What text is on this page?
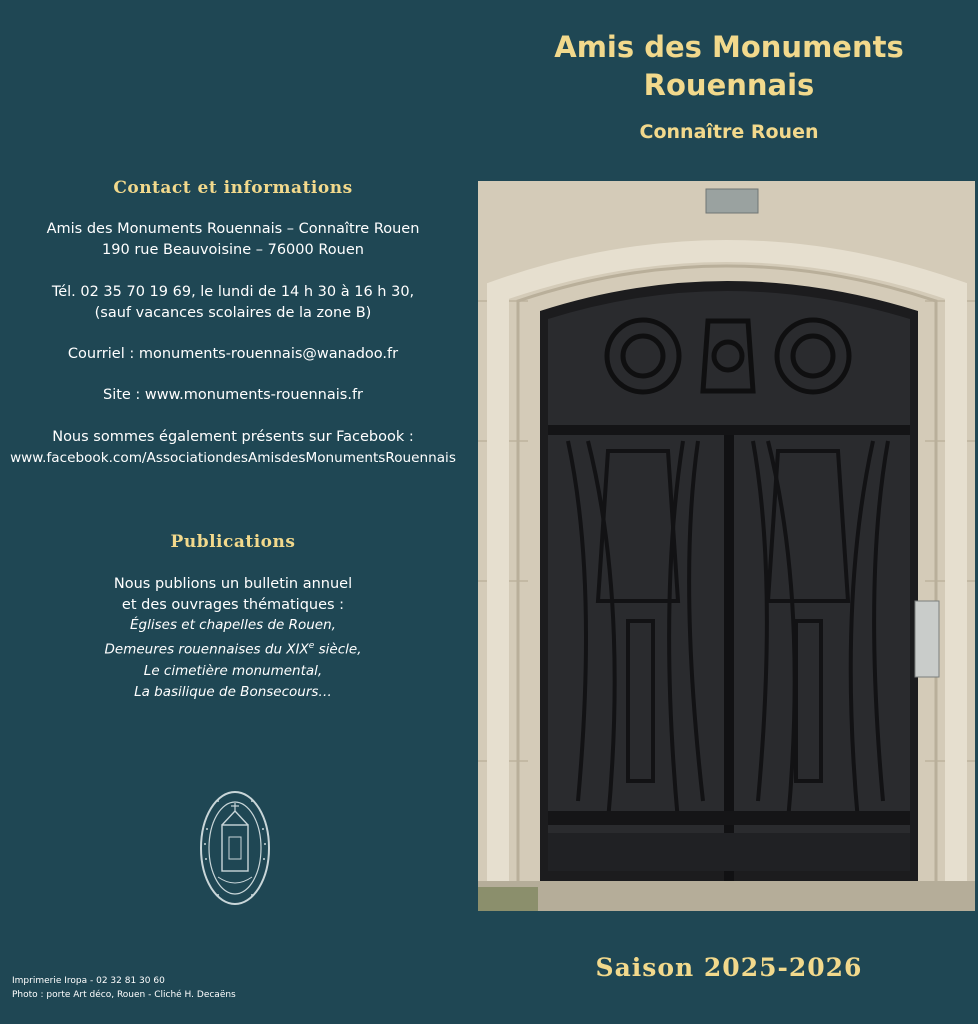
Contact et informations
Amis des Monuments Rouennais – Connaître Rouen
190 rue Beauvoisine – 76000 Rouen
Tél. 02 35 70 19 69, le lundi de 14 h 30 à 16 h 30,
(sauf vacances scolaires de la zone B)
Courriel : monuments-rouennais@wanadoo.fr
Site : www.monuments-rouennais.fr
Nous sommes également présents sur Facebook :
www.facebook.com/AssociationdesAmisdesMonumentsRouennais
Publications
Nous publions un bulletin annuel
et des ouvrages thématiques :
Églises et chapelles de Rouen,
Demeures rouennaises du XIXe siècle,
Le cimetière monumental,
La basilique de Bonsecours…
Amis des Monuments
Rouennais
Connaître Rouen
Imprimerie Iropa - 02 32 81 30 60
Photo : porte Art déco, Rouen - Cliché H. Decaëns
Saison 2025-2026
